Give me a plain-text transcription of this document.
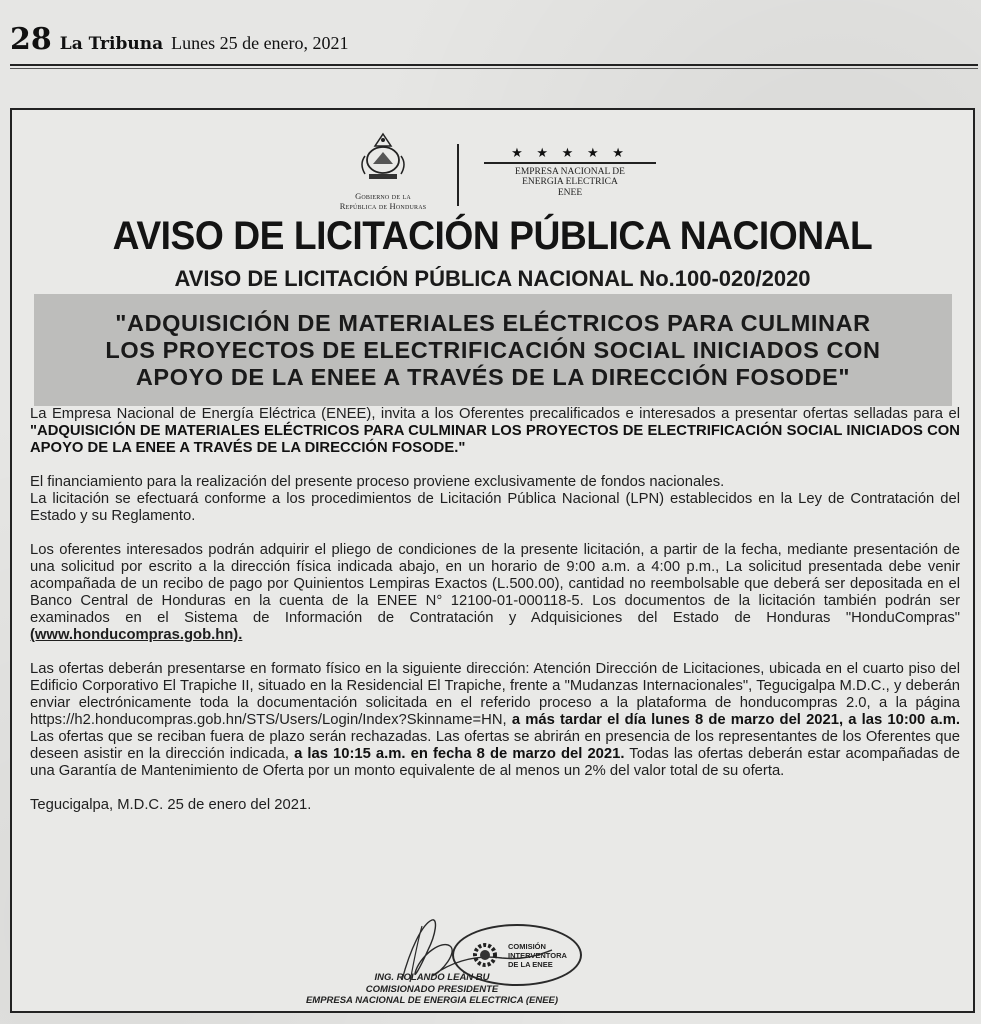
28 La Tribuna Lunes 25 de enero, 2021
Gobierno de la
República de Honduras
★ ★ ★ ★ ★
EMPRESA NACIONAL DE
ENERGIA ELECTRICA
ENEE
AVISO DE LICITACIÓN PÚBLICA NACIONAL
AVISO DE LICITACIÓN PÚBLICA NACIONAL No.100-020/2020
"ADQUISICIÓN DE MATERIALES ELÉCTRICOS PARA CULMINAR
LOS PROYECTOS DE ELECTRIFICACIÓN SOCIAL INICIADOS CON
APOYO DE LA ENEE A TRAVÉS DE LA DIRECCIÓN FOSODE"

La Empresa Nacional de Energía Eléctrica (ENEE), invita a los Oferentes precalificados e interesados a presentar ofertas selladas para el "ADQUISICIÓN DE MATERIALES ELÉCTRICOS PARA CULMINAR LOS PROYECTOS DE ELECTRIFICACIÓN SOCIAL INICIADOS CON APOYO DE LA ENEE A TRAVÉS DE LA DIRECCIÓN FOSODE."

El financiamiento para la realización del presente proceso proviene exclusivamente de fondos nacionales.
La licitación se efectuará conforme a los procedimientos de Licitación Pública Nacional (LPN) establecidos en la Ley de Contratación del Estado y su Reglamento.

Los oferentes interesados podrán adquirir el pliego de condiciones de la presente licitación, a partir de la fecha, mediante presentación de una solicitud por escrito a la dirección física indicada abajo, en un horario de 9:00 a.m. a 4:00 p.m., La solicitud presentada debe venir acompañada de un recibo de pago por Quinientos Lempiras Exactos (L.500.00), cantidad no reembolsable que deberá ser depositada en el Banco Central de Honduras en la cuenta de la ENEE N° 12100-01-000118-5. Los documentos de la licitación también podrán ser examinados en el Sistema de Información de Contratación y Adquisiciones del Estado de Honduras "HonduCompras" (www.honducompras.gob.hn).

Las ofertas deberán presentarse en formato físico en la siguiente dirección: Atención Dirección de Licitaciones, ubicada en el cuarto piso del Edificio Corporativo El Trapiche II, situado en la Residencial El Trapiche, frente a "Mudanzas Internacionales", Tegucigalpa M.D.C., y deberán enviar electrónicamente toda la documentación solicitada en el referido proceso a la plataforma de honducompras 2.0, a la página https://h2.honducompras.gob.hn/STS/Users/Login/Index?Skinname=HN, a más tardar el día lunes 8 de marzo del 2021, a las 10:00 a.m. Las ofertas que se reciban fuera de plazo serán rechazadas. Las ofertas se abrirán en presencia de los representantes de los Oferentes que deseen asistir en la dirección indicada, a las 10:15 a.m. en fecha 8 de marzo del 2021. Todas las ofertas deberán estar acompañadas de una Garantía de Mantenimiento de Oferta por un monto equivalente de al menos un 2% del valor total de su oferta.

Tegucigalpa, M.D.C. 25 de enero del 2021.

COMISIÓN
INTERVENTORA
DE LA ENEE
ING. ROLANDO LEÁN BU
COMISIONADO PRESIDENTE
EMPRESA NACIONAL DE ENERGIA ELECTRICA (ENEE)
